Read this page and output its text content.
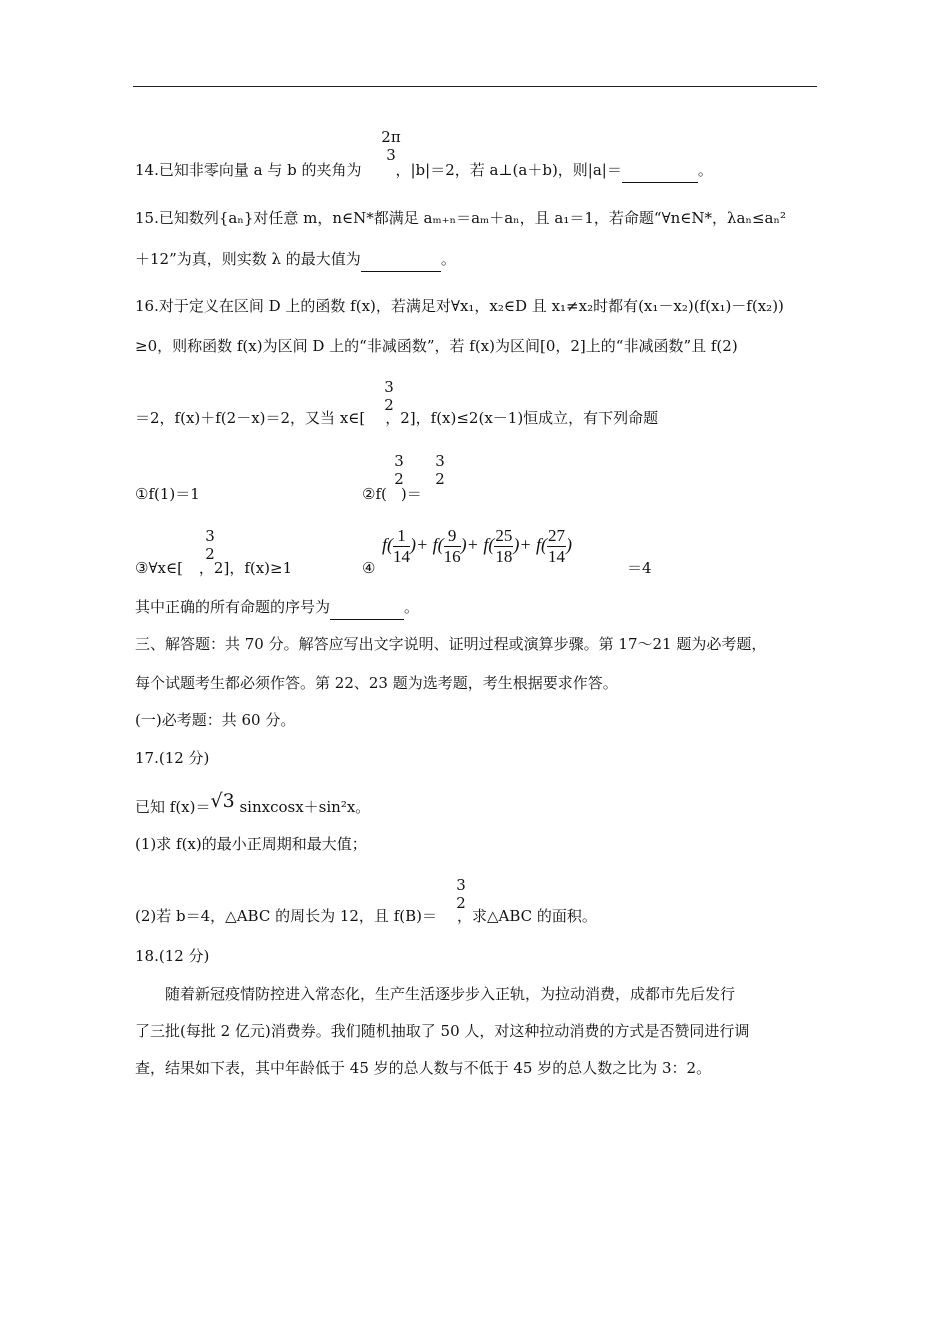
2π
3
14.已知非零向量 a 与 b 的夹角为 ，|b|＝2，若 a⊥(a＋b)，则|a|＝	。
15.已知数列{aₙ}对任意 m，n∈N*都满足 aₘ₊ₙ＝aₘ＋aₙ，且 a₁＝1，若命题“∀n∈N*，λaₙ≤aₙ²
＋12”为真，则实数 λ 的最大值为	。
16.对于定义在区间 D 上的函数 f(x)，若满足对∀x₁，x₂∈D 且 x₁≠x₂时都有(x₁－x₂)(f(x₁)－f(x₂))
≥0，则称函数 f(x)为区间 D 上的“非减函数”，若 f(x)为区间[0，2]上的“非减函数”且 f(2)
3
2
＝2，f(x)＋f(2－x)＝2，又当 x∈[ ，2]，f(x)≤2(x－1)恒成立，有下列命题
①f(1)＝1
3
2
3
2
②f( )＝
3
2
③∀x∈[ ，2]，f(x)≥1	④
$f( \frac{1}{14}$ )+ $f( \frac{9}{16}$ )+ $f( \frac{25}{18}$ )+ $f( \frac{27}{14}$ )
＝4
其中正确的所有命题的序号为	。
三、解答题：共 70 分。解答应写出文字说明、证明过程或演算步骤。第 17～21 题为必考题，
每个试题考生都必须作答。第 22、23 题为选考题，考生根据要求作答。
(一)必考题：共 60 分。
17.(12 分)
已知 f(x)＝√3 sinxcosx＋sin²x。
(1)求 f(x)的最小正周期和最大值；
3
2
(2)若 b＝4，△ABC 的周长为 12，且 f(B)＝ ，求△ABC 的面积。
18.(12 分)
随着新冠疫情防控进入常态化，生产生活逐步步入正轨，为拉动消费，成都市先后发行
了三批(每批 2 亿元)消费券。我们随机抽取了 50 人，对这种拉动消费的方式是否赞同进行调
查，结果如下表，其中年龄低于 45 岁的总人数与不低于 45 岁的总人数之比为 3：2。
